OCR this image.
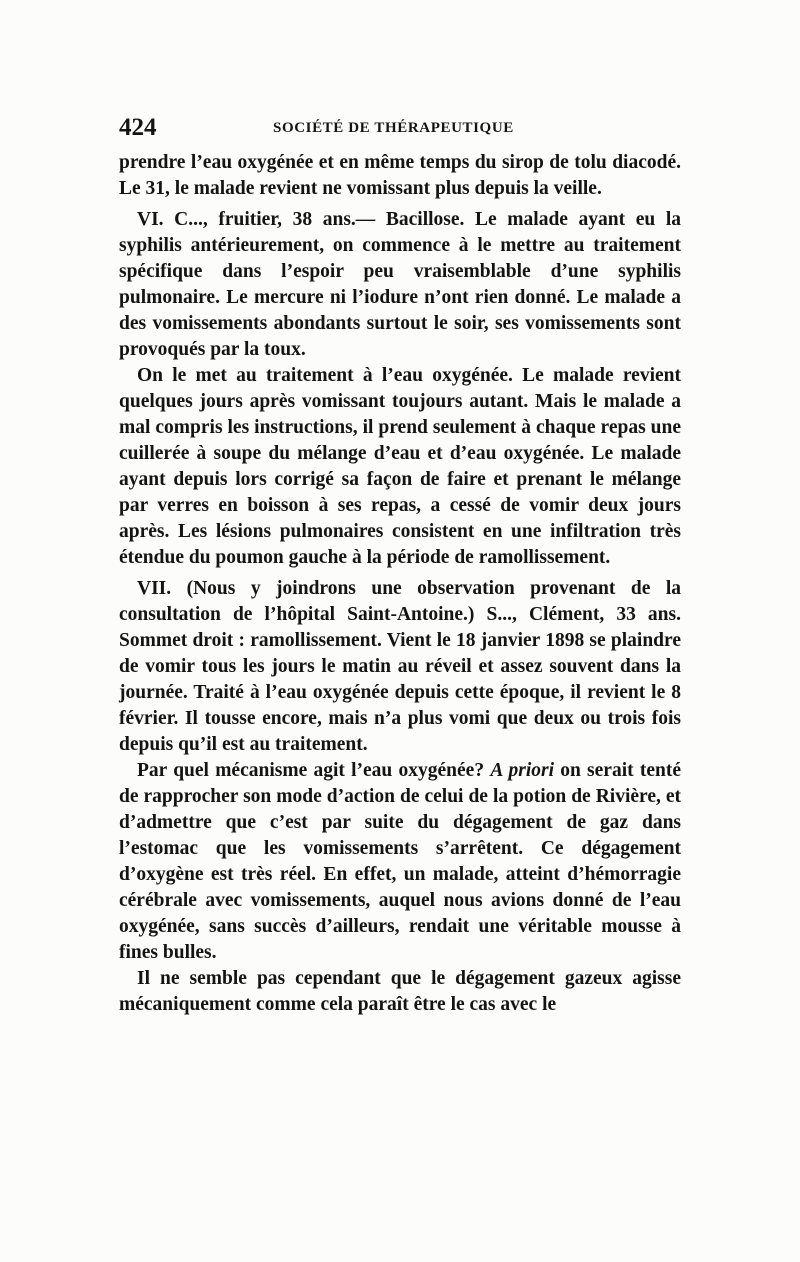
424	SOCIÉTÉ DE THÉRAPEUTIQUE

prendre l’eau oxygénée et en même temps du sirop de tolu diacodé. Le 31, le malade revient ne vomissant plus depuis la veille.

VI. C..., fruitier, 38 ans.— Bacillose. Le malade ayant eu la syphilis antérieurement, on commence à le mettre au traitement spécifique dans l’espoir peu vraisemblable d’une syphilis pulmonaire. Le mercure ni l’iodure n’ont rien donné. Le malade a des vomissements abondants surtout le soir, ses vomissements sont provoqués par la toux.

On le met au traitement à l’eau oxygénée. Le malade revient quelques jours après vomissant toujours autant. Mais le malade a mal compris les instructions, il prend seulement à chaque repas une cuillerée à soupe du mélange d’eau et d’eau oxygénée. Le malade ayant depuis lors corrigé sa façon de faire et prenant le mélange par verres en boisson à ses repas, a cessé de vomir deux jours après. Les lésions pulmonaires consistent en une infiltration très étendue du poumon gauche à la période de ramollissement.

VII. (Nous y joindrons une observation provenant de la consultation de l’hôpital Saint-Antoine.) S..., Clément, 33 ans. Sommet droit : ramollissement. Vient le 18 janvier 1898 se plaindre de vomir tous les jours le matin au réveil et assez souvent dans la journée. Traité à l’eau oxygénée depuis cette époque, il revient le 8 février. Il tousse encore, mais n’a plus vomi que deux ou trois fois depuis qu’il est au traitement.

Par quel mécanisme agit l’eau oxygénée? A priori on serait tenté de rapprocher son mode d’action de celui de la potion de Rivière, et d’admettre que c’est par suite du dégagement de gaz dans l’estomac que les vomissements s’arrêtent. Ce dégagement d’oxygène est très réel. En effet, un malade, atteint d’hémorragie cérébrale avec vomissements, auquel nous avions donné de l’eau oxygénée, sans succès d’ailleurs, rendait une véritable mousse à fines bulles.

Il ne semble pas cependant que le dégagement gazeux agisse mécaniquement comme cela paraît être le cas avec le
